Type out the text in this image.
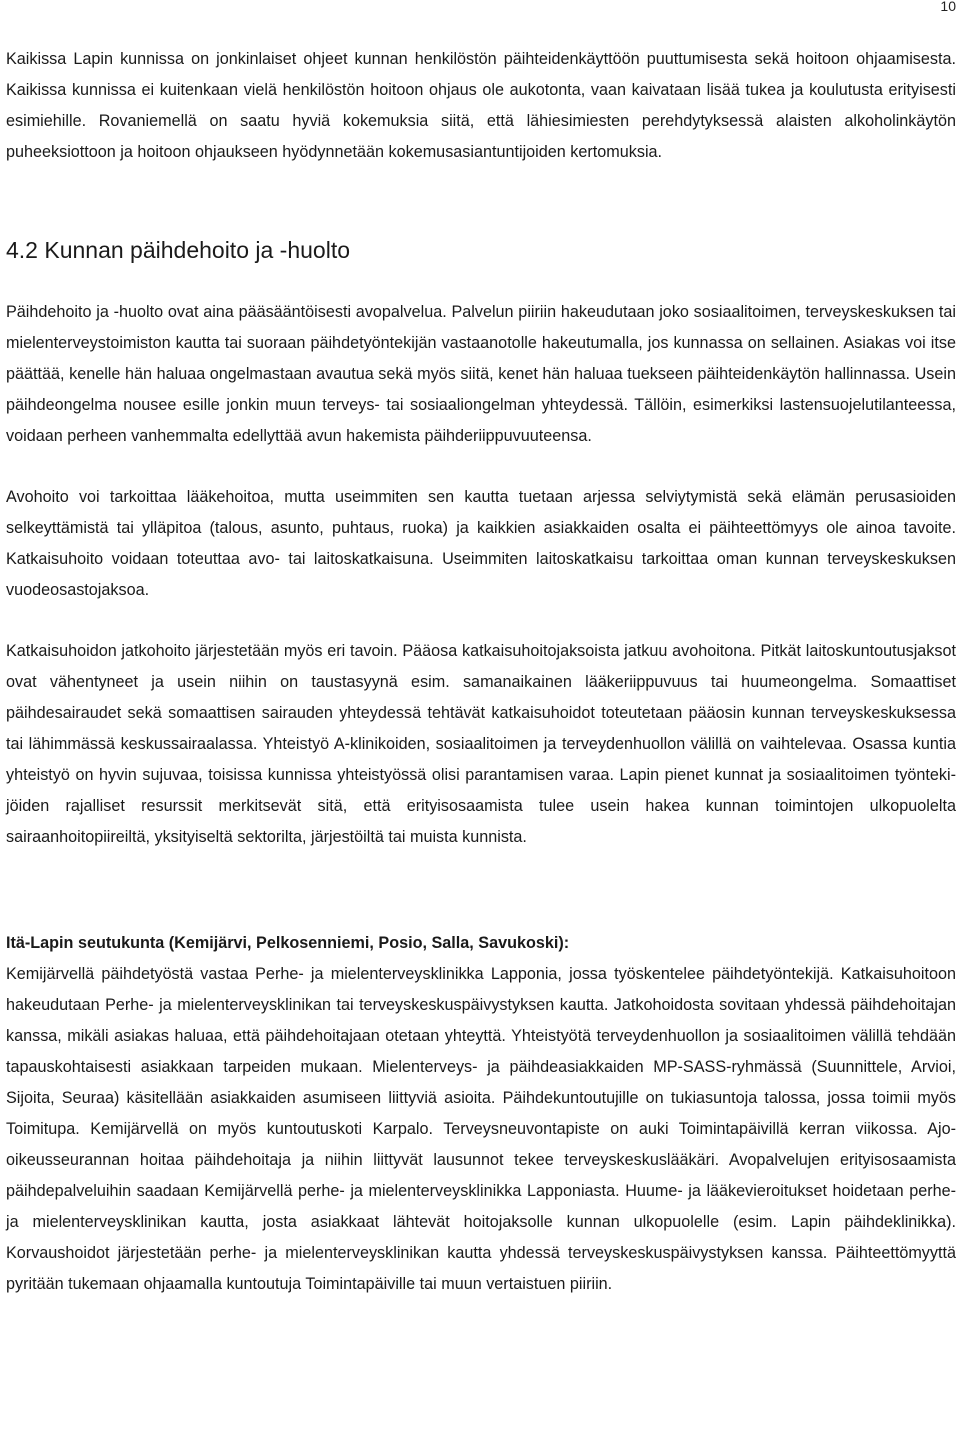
10

Kaikissa Lapin kunnissa on jonkinlaiset ohjeet kunnan henkilöstön päihteidenkäyttöön puuttumisesta sekä hoitoon ohjaamisesta. Kaikissa kunnissa ei kuitenkaan vielä henkilöstön hoitoon ohjaus ole aukotonta, vaan kaivataan lisää tukea ja koulutusta erityisesti esimiehille. Rovaniemellä on saatu hyviä kokemuksia siitä, että lähiesimiesten perehdytyksessä alaisten alkoholinkäytön puheeksiottoon ja hoitoon ohjaukseen hyödynnetään kokemusasiantuntijoiden kertomuksia.

4.2 Kunnan päihdehoito ja -huolto

Päihdehoito ja -huolto ovat aina pääsääntöisesti avopalvelua. Palvelun piiriin hakeudutaan joko sosiaalitoimen, terveyskeskuksen tai mielenterveystoimiston kautta tai suoraan päihdetyöntekijän vastaanotolle hakeutumalla, jos kunnassa on sellainen. Asiakas voi itse päättää, kenelle hän haluaa ongelmastaan avautua sekä myös siitä, kenet hän haluaa tuekseen päihteidenkäytön hallinnassa. Usein päihdeongelma nousee esille jonkin muun terveys- tai sosiaaliongelman yhteydessä. Tällöin, esimerkiksi lastensuojelutilanteessa, voidaan perheen vanhemmalta edellyttää avun hakemista päihderiippuvuuteensa.

Avohoito voi tarkoittaa lääkehoitoa, mutta useimmiten sen kautta tuetaan arjessa selviytymistä sekä elämän perusasioiden selkeyttämistä tai ylläpitoa (talous, asunto, puhtaus, ruoka) ja kaikkien asiakkaiden osalta ei päihteettömyys ole ainoa tavoite. Katkaisuhoito voidaan toteuttaa avo- tai laitoskatkaisuna. Useimmiten laitoskatkaisu tarkoittaa oman kunnan terveyskeskuksen vuodeosastojaksoa.

Katkaisuhoidon jatkohoito järjestetään myös eri tavoin. Pääosa katkaisuhoitojaksoista jatkuu avohoitona. Pitkät laitoskuntoutusjaksot ovat vähentyneet ja usein niihin on taustasyynä esim. samanaikainen lääkeriippuvuus tai huumeongelma. Somaattiset päihdesairaudet sekä somaattisen sairauden yhteydessä tehtävät katkaisuhoidot toteutetaan pääosin kunnan terveyskeskuksessa tai lähimmässä keskussairaalassa. Yhteistyö A-klinikoiden, sosiaalitoimen ja terveydenhuollon välillä on vaihtelevaa. Osassa kuntia yhteistyö on hyvin sujuvaa, toisissa kunnissa yhteistyössä olisi parantamisen varaa. Lapin pienet kunnat ja sosiaalitoimen työntekijöiden rajalliset resurssit merkitsevät sitä, että erityisosaamista tulee usein hakea kunnan toimintojen ulkopuolelta sairaanhoitopiireiltä, yksityiseltä sektorilta, järjestöiltä tai muista kunnista.

Itä-Lapin seutukunta (Kemijärvi, Pelkosenniemi, Posio, Salla, Savukoski):

Kemijärvellä päihdetyöstä vastaa Perhe- ja mielenterveysklinikka Lapponia, jossa työskentelee päihdetyöntekijä. Katkaisuhoitoon hakeudutaan Perhe- ja mielenterveysklinikan tai terveyskeskuspäivystyksen kautta. Jatkohoidosta sovitaan yhdessä päihdehoitajan kanssa, mikäli asiakas haluaa, että päihdehoitajaan otetaan yhteyttä. Yhteistyötä terveydenhuollon ja sosiaalitoimen välillä tehdään tapauskohtaisesti asiakkaan tarpeiden mukaan. Mielenterveys- ja päihdeasiakkaiden MP-SASS-ryhmässä (Suunnittele, Arvioi, Sijoita, Seuraa) käsitellään asiakkaiden asumiseen liittyviä asioita. Päihdekuntoutujille on tukiasuntoja talossa, jossa toimii myös Toimitupa. Kemijärvellä on myös kuntoutuskoti Karpalo. Terveysneuvontapiste on auki Toimintapäivillä kerran viikossa. Ajo-oikeusseurannan hoitaa päihdehoitaja ja niihin liittyvät lausunnot tekee terveyskeskuslääkäri. Avopalvelujen erityisosaamista päihdepalveluihin saadaan Kemijärvellä perhe- ja mielenterveysklinikka Lapponiasta. Huume- ja lääkevieroitukset hoidetaan perhe- ja mielenterveysklinikan kautta, josta asiakkaat lähtevät hoitojaksolle kunnan ulkopuolelle (esim. Lapin päihdeklinikka). Korvaushoidot järjestetään perhe- ja mielenterveysklinikan kautta yhdessä terveyskeskuspäivystyksen kanssa. Päihteettömyyttä pyritään tukemaan ohjaamalla kuntoutuja Toimintapäiville tai muun vertaistuen piiriin.
